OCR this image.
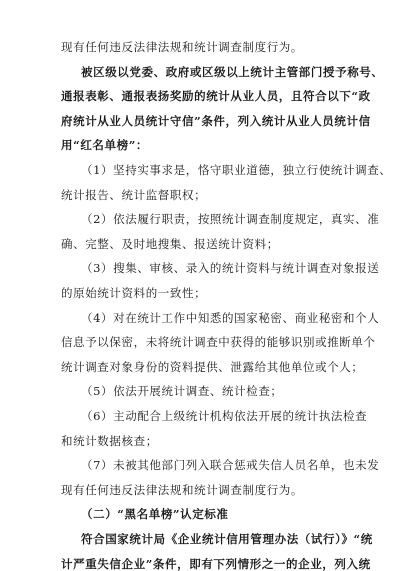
现有任何违反法律法规和统计调查制度行为。
被区级以党委、政府或区级以上统计主管部门授予称号、
通报表彰、通报表扬奖励的统计从业人员，且符合以下“政
府统计从业人员统计守信”条件，列入统计从业人员统计信
用“红名单榜”：
（1）坚持实事求是，恪守职业道德，独立行使统计调查、
统计报告、统计监督职权；
（2）依法履行职责，按照统计调查制度规定，真实、准
确、完整、及时地搜集、报送统计资料；
（3）搜集、审核、录入的统计资料与统计调查对象报送
的原始统计资料的一致性；
（4）对在统计工作中知悉的国家秘密、商业秘密和个人
信息予以保密，未将统计调查中获得的能够识别或推断单个
统计调查对象身份的资料提供、泄露给其他单位或个人；
（5）依法开展统计调查、统计检查；
（6）主动配合上级统计机构依法开展的统计执法检查
和统计数据核查；
（7）未被其他部门列入联合惩戒失信人员名单，也未发
现有任何违反法律法规和统计调查制度行为。
（二）“黑名单榜”认定标准
符合国家统计局《企业统计信用管理办法（试行）》“统
计严重失信企业”条件，即有下列情形之一的企业，列入统
